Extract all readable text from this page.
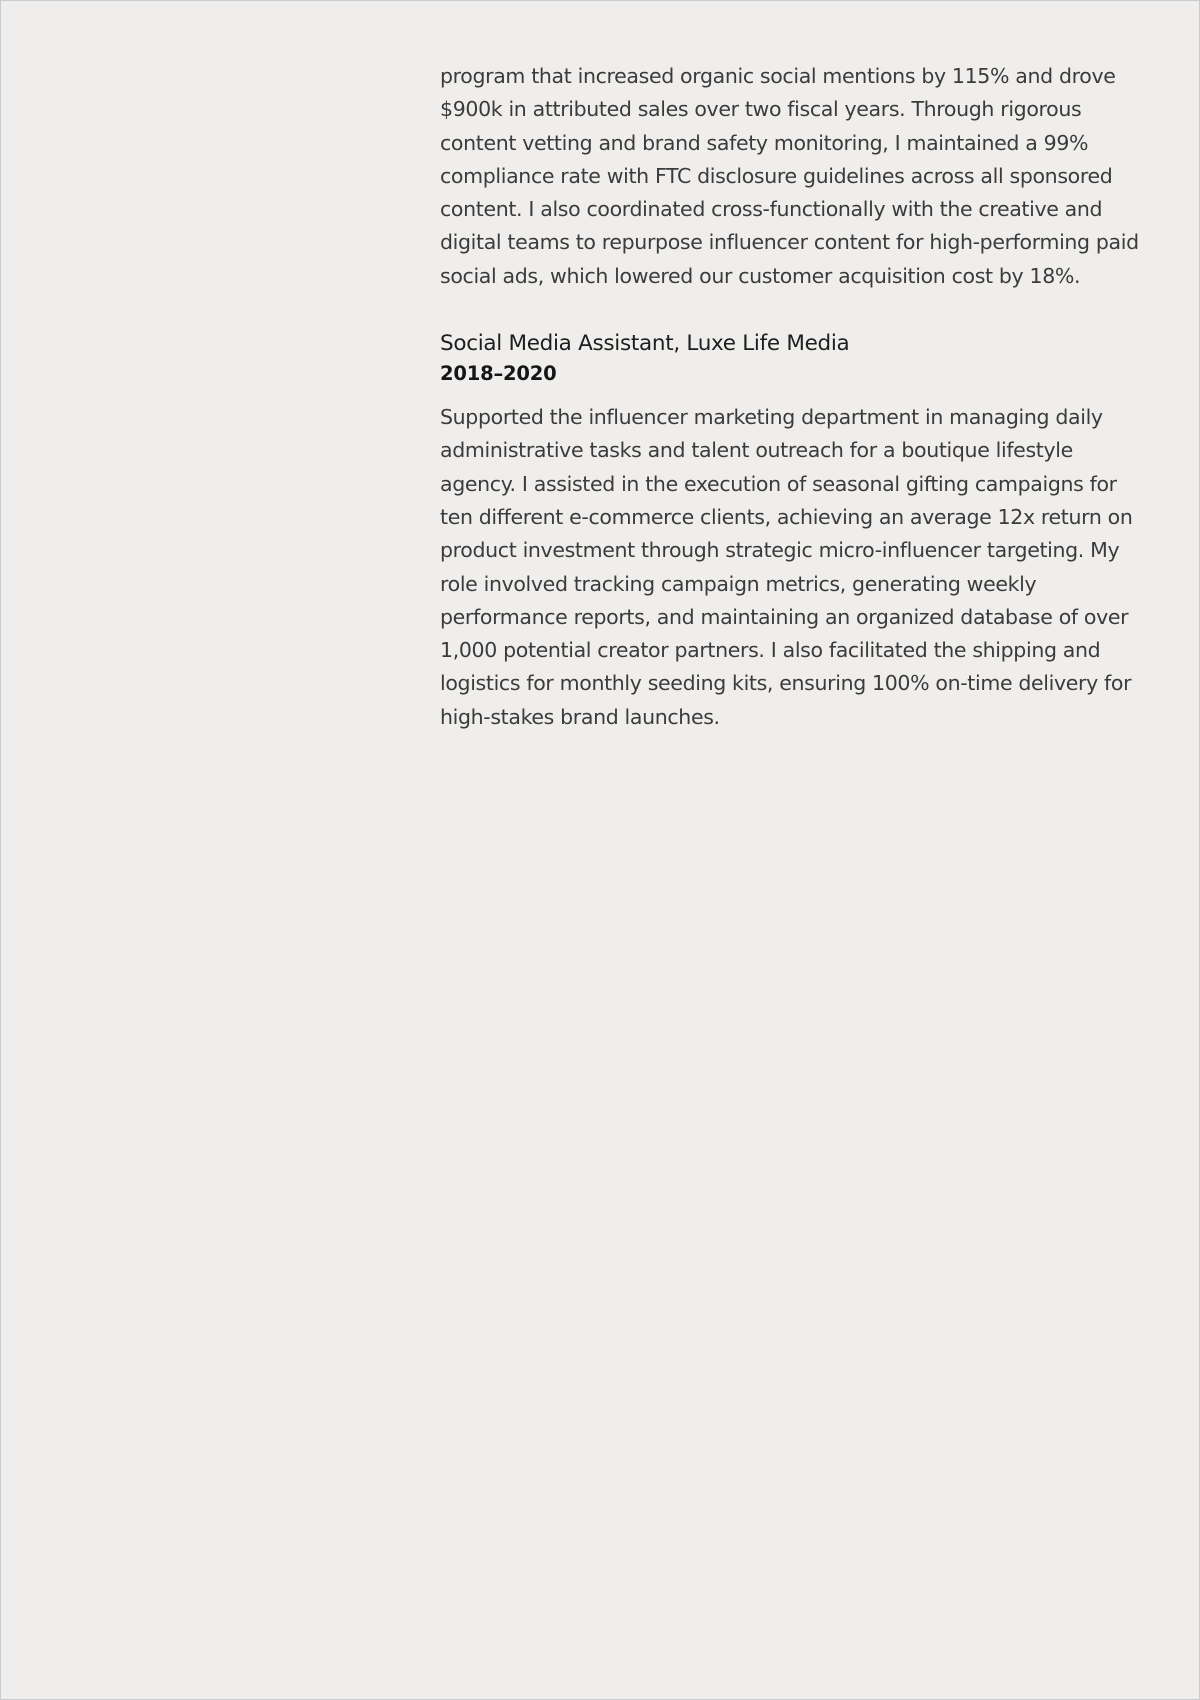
program that increased organic social mentions by 115% and drove $900k in attributed sales over two fiscal years. Through rigorous content vetting and brand safety monitoring, I maintained a 99% compliance rate with FTC disclosure guidelines across all sponsored content. I also coordinated cross-functionally with the creative and digital teams to repurpose influencer content for high-performing paid social ads, which lowered our customer acquisition cost by 18%.

Social Media Assistant, Luxe Life Media

2018–2020

Supported the influencer marketing department in managing daily administrative tasks and talent outreach for a boutique lifestyle agency. I assisted in the execution of seasonal gifting campaigns for ten different e-commerce clients, achieving an average 12x return on product investment through strategic micro-influencer targeting. My role involved tracking campaign metrics, generating weekly performance reports, and maintaining an organized database of over 1,000 potential creator partners. I also facilitated the shipping and logistics for monthly seeding kits, ensuring 100% on-time delivery for high-stakes brand launches.
